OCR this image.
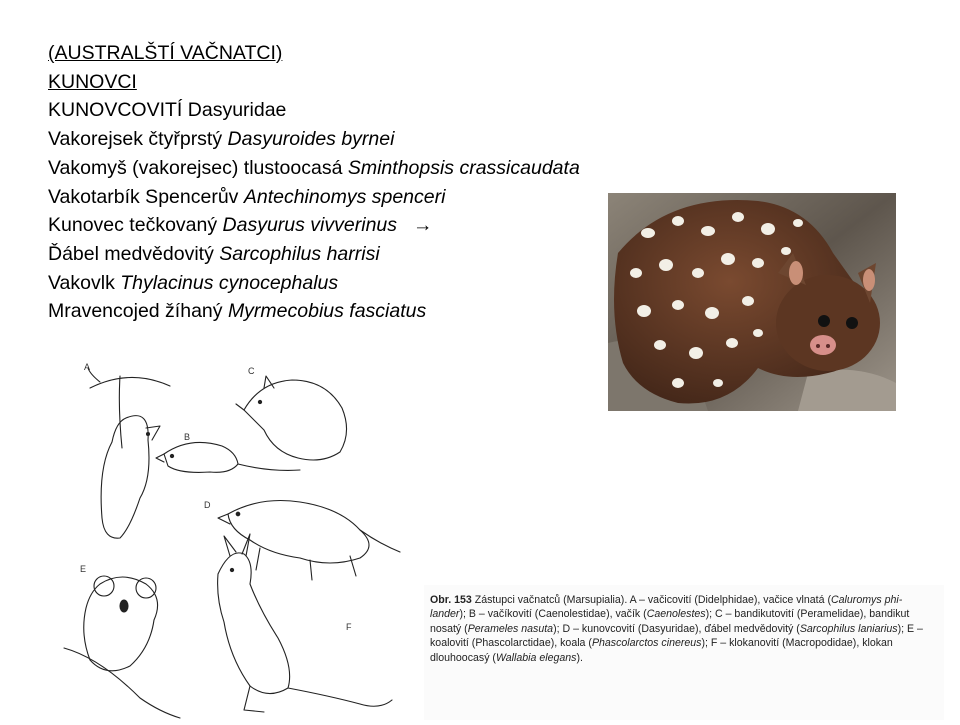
(AUSTRALŠTÍ VAČNATCI)
KUNOVCI
KUNOVCOVITÍ Dasyuridae
Vakorejsek čtyřprstý Dasyuroides byrnei
Vakomyš (vakorejsec) tlustoocasá Sminthopsis crassicaudata
Vakotarbík Spencerův Antechinomys spenceri
Kunovec tečkovaný Dasyurus vivverinus →
Ďábel medvědovitý Sarcophilus harrisi
Vakovlk Thylacinus cynocephalus
Mravencojed žíhaný Myrmecobius fasciatus
A
B
C
D
E
F
Obr. 153 Zástupci vačnatců (Marsupialia). A – vačicovití (Didelphidae), vačice vlnatá (Caluromys phi-lander); B – vačíkovití (Caenolestidae), vačík (Caenolestes); C – bandikutovití (Peramelidae), bandikut nosatý (Perameles nasuta); D – kunovcovití (Dasyuridae), ďábel medvědovitý (Sarcophilus laniarius); E – koalovití (Phascolarctidae), koala (Phascolarctos cinereus); F – klokanovití (Macropodidae), klokan dlouhoocasý (Wallabia elegans).
